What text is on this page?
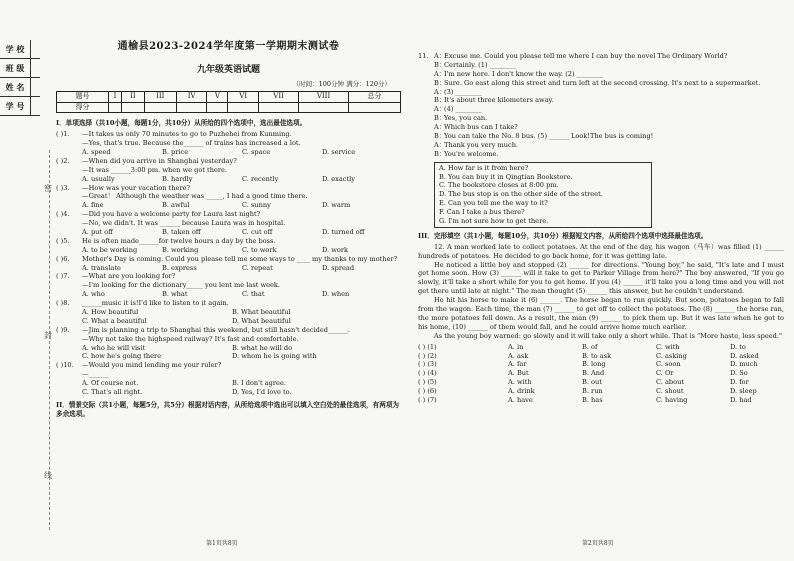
学 校
班 级
姓 名
学 号
密
封
线
通榆县2023-2024学年度第一学期期末测试卷
九年级英语试题
（时间：100分钟 满分：120分）
题号	I	II	III	IV	V	VI	VII	VIII	总分
得分									
I．单项选择（共10小题，每题1分，共10分）从所给的四个选项中，选出最佳选项。
( )1.	—It takes us only 70 minutes to go to Puzhehei from Kunming.
—Yes, that's true. Because the______ of trains has increased a lot.
A. speed	B. price	C. space	D. service
( )2.	—When did you arrive in Shanghai yesterday?
—It was ______3:00 pm. when we got there.
A. usually	B. hardly	C. recently	D. exactly
( )3.	—How was your vacation there?
—Great！ Although the weather was _____, I had a good time there.
A. fine	B. awful	C. sunny	D. warm
( )4.	—Did you have a welcome party for Laura last night?
—No, we didn't. It was ______ because Laura was in hospital.
A. put off	B. taken off	C. cut off	D. turned off
( )5.	He is often made______for twelve hours a day by the boss.
A. to be working	B. working	C. to work	D. work
( )6.	Mother's Day is coming. Could you please tell me some ways to ____ my thanks to my mother?
A. translate	B. express	C. repeat	D. spread
( )7.	—What are you looking for?
—I'm looking for the dictionary_____ you lent me last week.
A. who	B. what	C. that	D. when
( )8.	______music it is!I'd like to listen to it again.
A. How beautiful	B. What beautiful
C. What a beautiful	D. What beautiful
( )9.	—Jim is planning a trip to Shanghai this weekend, but still hasn't decided______.
—Why not take the highspeed railway? It's fast and comfortable.
A. who he will visit	B. what he will do
C. how he's going there	D. whom he is going with
( )10.	—Would you mind lending me your ruler?
—______
A. Of course not.	B. I don't agree.
C. That's all right.	D. Yes, I'd love to.
II．情景交际（共1小题，每题5分，共5分）根据对话内容，从所给选项中选出可以填入空白处的最佳选项，有两项为多余选项。
11. A：
Excuse me. Could you please tell me where I can buy the novel The Ordinary World?
B：
Certainly. (1) ________
A：
I'm new here. I don't know the way. (2) ________
B：
Sure. Go east along this street and turn left at the second crossing. It's next to a supermarket.
A：
(3) ________
B：
It's about three kilometers away.
A：
(4) ________
B：
Yes, you can.
A：
Which bus can I take?
B：
You can take the No. 8 bus. (5) ______ Look!The bus is coming!
A：
Thank you very much.
B：
You're welcome.
A. How far is it from here?
B. You can buy it in Qingtian Bookstore.
C. The bookstore closes at 8:00 pm.
D. The bus stop is on the other side of the street.
E. Can you tell me the way to it?
F. Can I take a bus there?
G. I'm not sure how to get there.
III．完形填空（共1小题，每题10分，共10分）根据短文内容，从所给四个选项中选择最佳选项。
12. A man worked late to collect potatoes. At the end of the day, his wagon（马车）was filled (1) ______ hundreds of potatoes. He decided to go back home, for it was getting late.
He noticed a little boy and stopped (2) ______ for directions. "Young boy," he said, "It's late and I must get home soon. How (3) ______ will it take to get to Parker Village from here?" The boy answered, "If you go slowly, it'll take a short while for you to get home. If you (4) ______ it'll take you a long time and you will not get there until late at night." The man thought (5) ______ this answer, but he couldn't understand.
He hit his horse to make it (6) ______. The horse began to run quickly. But soon, potatoes began to fall from the wagon. Each time, the man (7) ______ to get off to collect the potatoes. The (8) ______ the horse ran, the more potatoes fell down. As a result, the man (9) ______ to pick them up. But it was late when he got to his home, (10) ______ of them would fall, and he could arrive home much earlier.
As the young boy warned: go slowly and it will take only a short while. That is "More haste, less speed."
( ) (1)	A. in	B. of	C. with	D. to
( ) (2)	A. ask	B. to ask	C. asking	D. asked
( ) (3)	A. far	B. long	C. soon	D. much
( ) (4)	A. But	B. And	C. Or	D. So
( ) (5)	A. with	B. out	C. about	D. for
( ) (6)	A. drink	B. run	C. shout	D. sleep
( ) (7)	A. have	B. has	C. having	D. had
第1页共8页	第2页共8页
